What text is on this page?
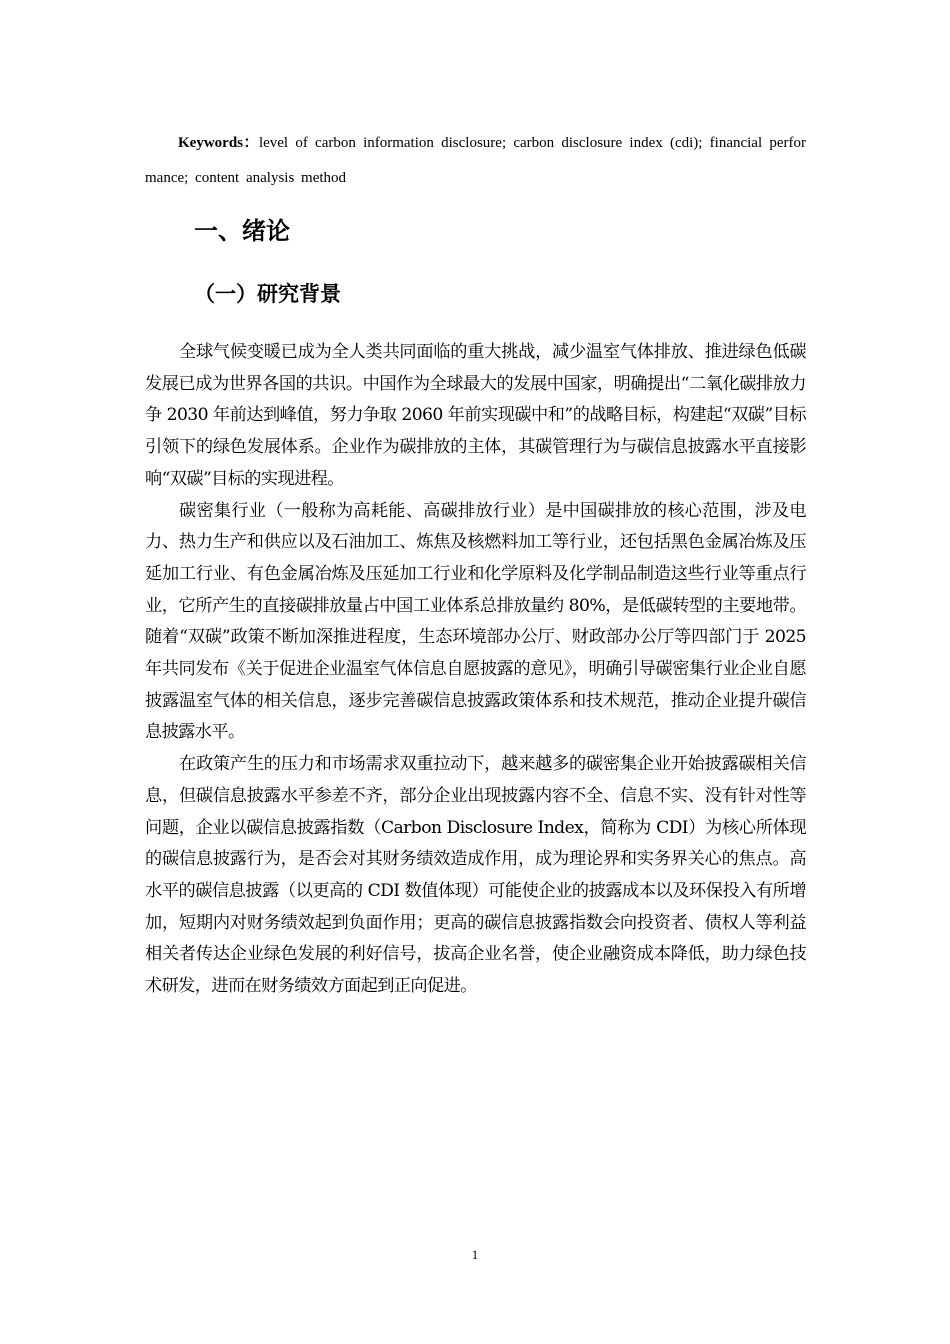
Keywords：level of carbon information disclosure; carbon disclosure index (cdi); financial performance; content analysis method

一、绪论
（一）研究背景

全球气候变暖已成为全人类共同面临的重大挑战，减少温室气体排放、推进绿色低碳发展已成为世界各国的共识。中国作为全球最大的发展中国家，明确提出“二氧化碳排放力争 2030 年前达到峰值，努力争取 2060 年前实现碳中和”的战略目标，构建起“双碳”目标引领下的绿色发展体系。企业作为碳排放的主体，其碳管理行为与碳信息披露水平直接影响“双碳”目标的实现进程。

碳密集行业（一般称为高耗能、高碳排放行业）是中国碳排放的核心范围，涉及电力、热力生产和供应以及石油加工、炼焦及核燃料加工等行业，还包括黑色金属冶炼及压延加工行业、有色金属冶炼及压延加工行业和化学原料及化学制品制造这些行业等重点行业，它所产生的直接碳排放量占中国工业体系总排放量约 80%，是低碳转型的主要地带。随着“双碳”政策不断加深推进程度，生态环境部办公厅、财政部办公厅等四部门于 2025 年共同发布《关于促进企业温室气体信息自愿披露的意见》，明确引导碳密集行业企业自愿披露温室气体的相关信息，逐步完善碳信息披露政策体系和技术规范，推动企业提升碳信息披露水平。

在政策产生的压力和市场需求双重拉动下，越来越多的碳密集企业开始披露碳相关信息，但碳信息披露水平参差不齐，部分企业出现披露内容不全、信息不实、没有针对性等问题，企业以碳信息披露指数（Carbon Disclosure Index，简称为 CDI）为核心所体现的碳信息披露行为，是否会对其财务绩效造成作用，成为理论界和实务界关心的焦点。高水平的碳信息披露（以更高的 CDI 数值体现）可能使企业的披露成本以及环保投入有所增加，短期内对财务绩效起到负面作用；更高的碳信息披露指数会向投资者、债权人等利益相关者传达企业绿色发展的利好信号，拔高企业名誉，使企业融资成本降低，助力绿色技术研发，进而在财务绩效方面起到正向促进。

1
